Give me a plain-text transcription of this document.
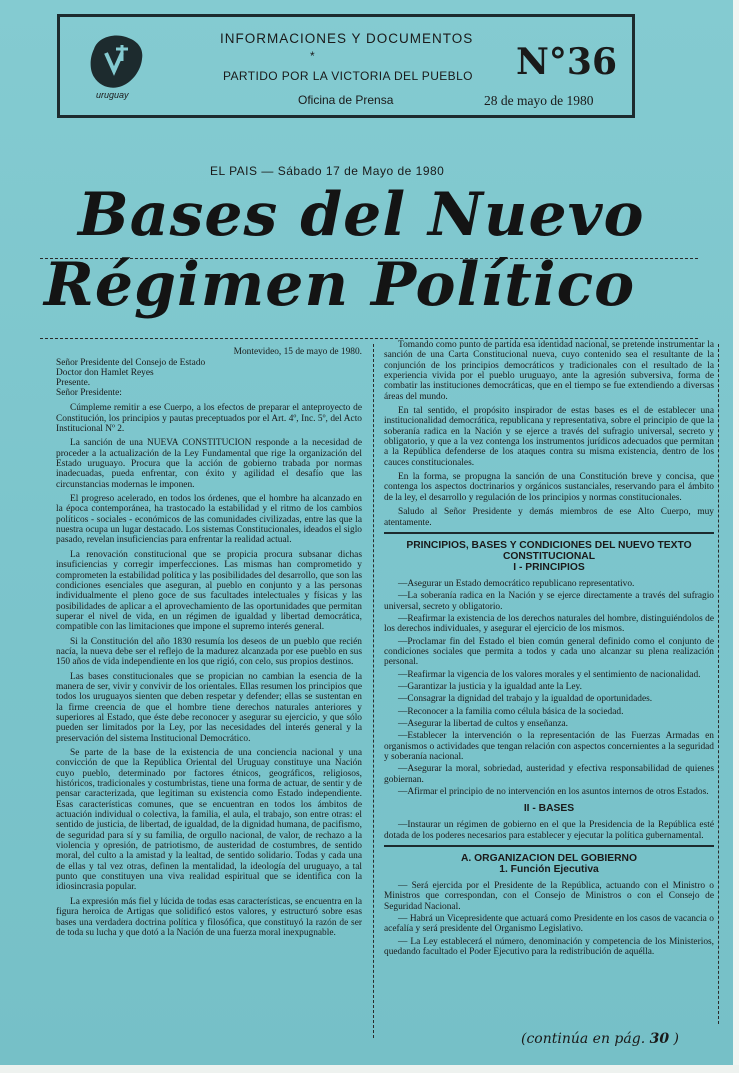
uruguay
INFORMACIONES Y DOCUMENTOS
*
PARTIDO POR LA VICTORIA DEL PUEBLO
Oficina de Prensa
N°36
28 de mayo de 1980
EL PAIS — Sábado 17 de Mayo de 1980
Bases del Nuevo
Régimen Político

Montevideo, 15 de mayo de 1980.

Señor Presidente del Consejo de Estado

Doctor don Hamlet Reyes

Presente.

Señor Presidente:

Cúmpleme remitir a ese Cuerpo, a los efectos de preparar el anteproyecto de Constitución, los principios y pautas preceptuados por el Art. 4º, Inc. 5º, del Acto Institucional Nº 2.

La sanción de una NUEVA CONSTITUCION responde a la necesidad de proceder a la actualización de la Ley Fundamental que rige la organización del Estado uruguayo. Procura que la acción de gobierno trabada por normas inadecuadas, pueda enfrentar, con éxito y agilidad el desafío que las circunstancias modernas le imponen.

El progreso acelerado, en todos los órdenes, que el hombre ha alcanzado en la época contemporánea, ha trastocado la estabilidad y el ritmo de los cambios políticos - sociales - económicos de las comunidades civilizadas, entre las que la nuestra ocupa un lugar destacado. Los sistemas Constitucionales, ideados el siglo pasado, revelan insuficiencias para enfrentar la realidad actual.

La renovación constitucional que se propicia procura subsanar dichas insuficiencias y corregir imperfecciones. Las mismas han comprometido y comprometen la estabilidad política y las posibilidades del desarrollo, que son las condiciones esenciales que aseguran, al pueblo en conjunto y a las personas individualmente el pleno goce de sus facultades intelectuales y físicas y las posibilidades de aplicar a el aprovechamiento de las oportunidades que permitan superar el nivel de vida, en un régimen de igualdad y libertad democrática, compatible con las limitaciones que impone el supremo interés general.

Si la Constitución del año 1830 resumía los deseos de un pueblo que recién nacía, la nueva debe ser el reflejo de la madurez alcanzada por ese pueblo en sus 150 años de vida independiente en los que rigió, con celo, sus propios destinos.

Las bases constitucionales que se propician no cambian la esencia de la manera de ser, vivir y convivir de los orientales. Ellas resumen los principios que todos los uruguayos sienten que deben respetar y defender; ellas se sustentan en la firme creencia de que el hombre tiene derechos naturales anteriores y superiores al Estado, que éste debe reconocer y asegurar su ejercicio, y que sólo pueden ser limitados por la Ley, por las necesidades del interés general y la preservación del sistema Institucional Democrático.

Se parte de la base de la existencia de una conciencia nacional y una convicción de que la República Oriental del Uruguay constituye una Nación cuyo pueblo, determinado por factores étnicos, geográficos, religiosos, históricos, tradicionales y costumbristas, tiene una forma de actuar, de sentir y de pensar caracterizada, que legitiman su existencia como Estado independiente. Esas características comunes, que se encuentran en todos los ámbitos de actuación individual o colectiva, la familia, el aula, el trabajo, son entre otras: el sentido de justicia, de libertad, de igualdad, de la dignidad humana, de pacifismo, de seguridad para sí y su familia, de orgullo nacional, de valor, de rechazo a la violencia y opresión, de patriotismo, de austeridad de costumbres, de sentido moral, del culto a la amistad y la lealtad, de sentido solidario. Todas y cada una de ellas y tal vez otras, definen la mentalidad, la ideología del uruguayo, a tal punto que constituyen una viva realidad espiritual que se identifica con la idiosincrasia popular.

La expresión más fiel y lúcida de todas esas características, se encuentra en la figura heroica de Artigas que solidificó estos valores, y estructuró sobre esas bases una verdadera doctrina política y filosófica, que constituyó la razón de ser de toda su lucha y que dotó a la Nación de una fuerza moral inexpugnable.

Tomando como punto de partida esa identidad nacional, se pretende instrumentar la sanción de una Carta Constitucional nueva, cuyo contenido sea el resultante de la conjunción de los principios democráticos y tradicionales con el resultado de la experiencia vivida por el pueblo uruguayo, ante la agresión subversiva, forma de combatir las instituciones democráticas, que en el tiempo se fue extendiendo a diversas áreas del mundo.

En tal sentido, el propósito inspirador de estas bases es el de establecer una institucionalidad democrática, republicana y representativa, sobre el principio de que la soberanía radica en la Nación y se ejerce a través del sufragio universal, secreto y obligatorio, y que a la vez contenga los instrumentos jurídicos adecuados que permitan a la República defenderse de los ataques contra su misma existencia, dentro de los cauces constitucionales.

En la forma, se propugna la sanción de una Constitución breve y concisa, que contenga los aspectos doctrinarios y orgánicos sustanciales, reservando para el ámbito de la ley, el desarrollo y regulación de los principios y normas constitucionales.

Saludo al Señor Presidente y demás miembros de ese Alto Cuerpo, muy atentamente.

PRINCIPIOS, BASES Y CONDICIONES DEL NUEVO TEXTO CONSTITUCIONAL
I - PRINCIPIOS

—Asegurar un Estado democrático republicano representativo.

—La soberanía radica en la Nación y se ejerce directamente a través del sufragio universal, secreto y obligatorio.

—Reafirmar la existencia de los derechos naturales del hombre, distinguiéndolos de los derechos individuales, y asegurar el ejercicio de los mismos.

—Proclamar fin del Estado el bien común general definido como el conjunto de condiciones sociales que permita a todos y cada uno alcanzar su plena realización personal.

—Reafirmar la vigencia de los valores morales y el sentimiento de nacionalidad.

—Garantizar la justicia y la igualdad ante la Ley.

—Consagrar la dignidad del trabajo y la igualdad de oportunidades.

—Reconocer a la familia como célula básica de la sociedad.

—Asegurar la libertad de cultos y enseñanza.

—Establecer la intervención o la representación de las Fuerzas Armadas en organismos o actividades que tengan relación con aspectos concernientes a la seguridad y soberanía nacional.

—Asegurar la moral, sobriedad, austeridad y efectiva responsabilidad de quienes gobiernan.

—Afirmar el principio de no intervención en los asuntos internos de otros Estados.

II - BASES

—Instaurar un régimen de gobierno en el que la Presidencia de la República esté dotada de los poderes necesarios para establecer y ejecutar la política gubernamental.

A. ORGANIZACION DEL GOBIERNO
1. Función Ejecutiva

— Será ejercida por el Presidente de la República, actuando con el Ministro o Ministros que correspondan, con el Consejo de Ministros o con el Consejo de Seguridad Nacional.

— Habrá un Vicepresidente que actuará como Presidente en los casos de vacancia o acefalía y será presidente del Organismo Legislativo.

— La Ley establecerá el número, denominación y competencia de los Ministerios, quedando facultado el Poder Ejecutivo para la redistribución de aquélla.

(continúa en pág. 30 )
